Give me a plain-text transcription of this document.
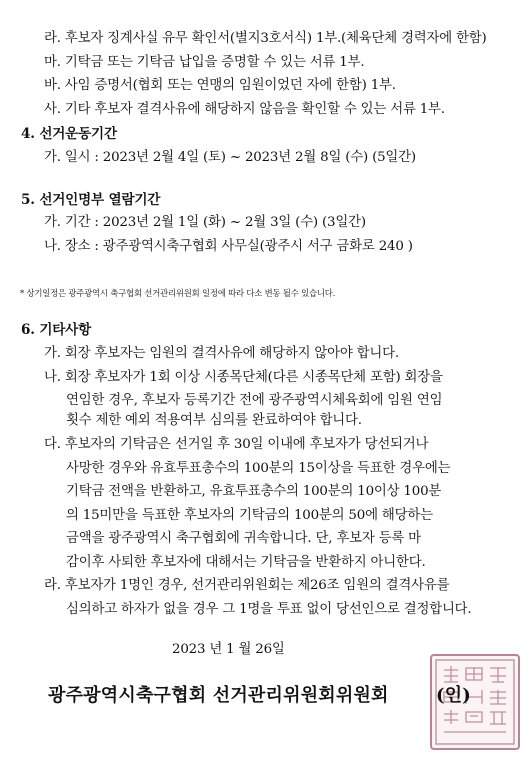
라. 후보자 징계사실 유무 확인서(별지3호서식) 1부.(체육단체 경력자에 한함)
마. 기탁금 또는 기탁금 납입을 증명할 수 있는 서류 1부.
바. 사임 증명서(협회 또는 연맹의 임원이었던 자에 한함) 1부.
사. 기타 후보자 결격사유에 해당하지 않음을 확인할 수 있는 서류 1부.
4. 선거운동기간
가. 일시 : 2023년 2월 4일 (토) ~ 2023년 2월 8일 (수) (5일간)
5. 선거인명부 열람기간
가. 기간 : 2023년 2월 1일 (화) ~ 2월 3일 (수) (3일간)
나. 장소 : 광주광역시축구협회 사무실(광주시 서구 금화로 240 )
* 상기일정은 광주광역시 축구협회 선거관리위원회 일정에 따라 다소 변동 될수 있습니다.
6. 기타사항
가. 회장 후보자는 임원의 결격사유에 해당하지 않아야 합니다.
나. 회장 후보자가 1회 이상 시종목단체(다른 시종목단체 포함) 회장을
연임한 경우, 후보자 등록기간 전에 광주광역시체육회에 임원 연임
횟수 제한 예외 적용여부 심의를 완료하여야 합니다.
다. 후보자의 기탁금은 선거일 후 30일 이내에 후보자가 당선되거나
사망한 경우와 유효투표총수의 100분의 15이상을 득표한 경우에는
기탁금 전액을 반환하고, 유효투표총수의 100분의 10이상 100분
의 15미만을 득표한 후보자의 기탁금의 100분의 50에 해당하는
금액을 광주광역시 축구협회에 귀속합니다. 단, 후보자 등록 마
감이후 사퇴한 후보자에 대해서는 기탁금을 반환하지 아니한다.
라. 후보자가 1명인 경우, 선거관리위원회는 제26조 임원의 결격사유를
심의하고 하자가 없을 경우 그 1명을 투표 없이 당선인으로 결정합니다.
2023 년 1 월 26일
광주광역시축구협회 선거관리위원회위원회	(인)
